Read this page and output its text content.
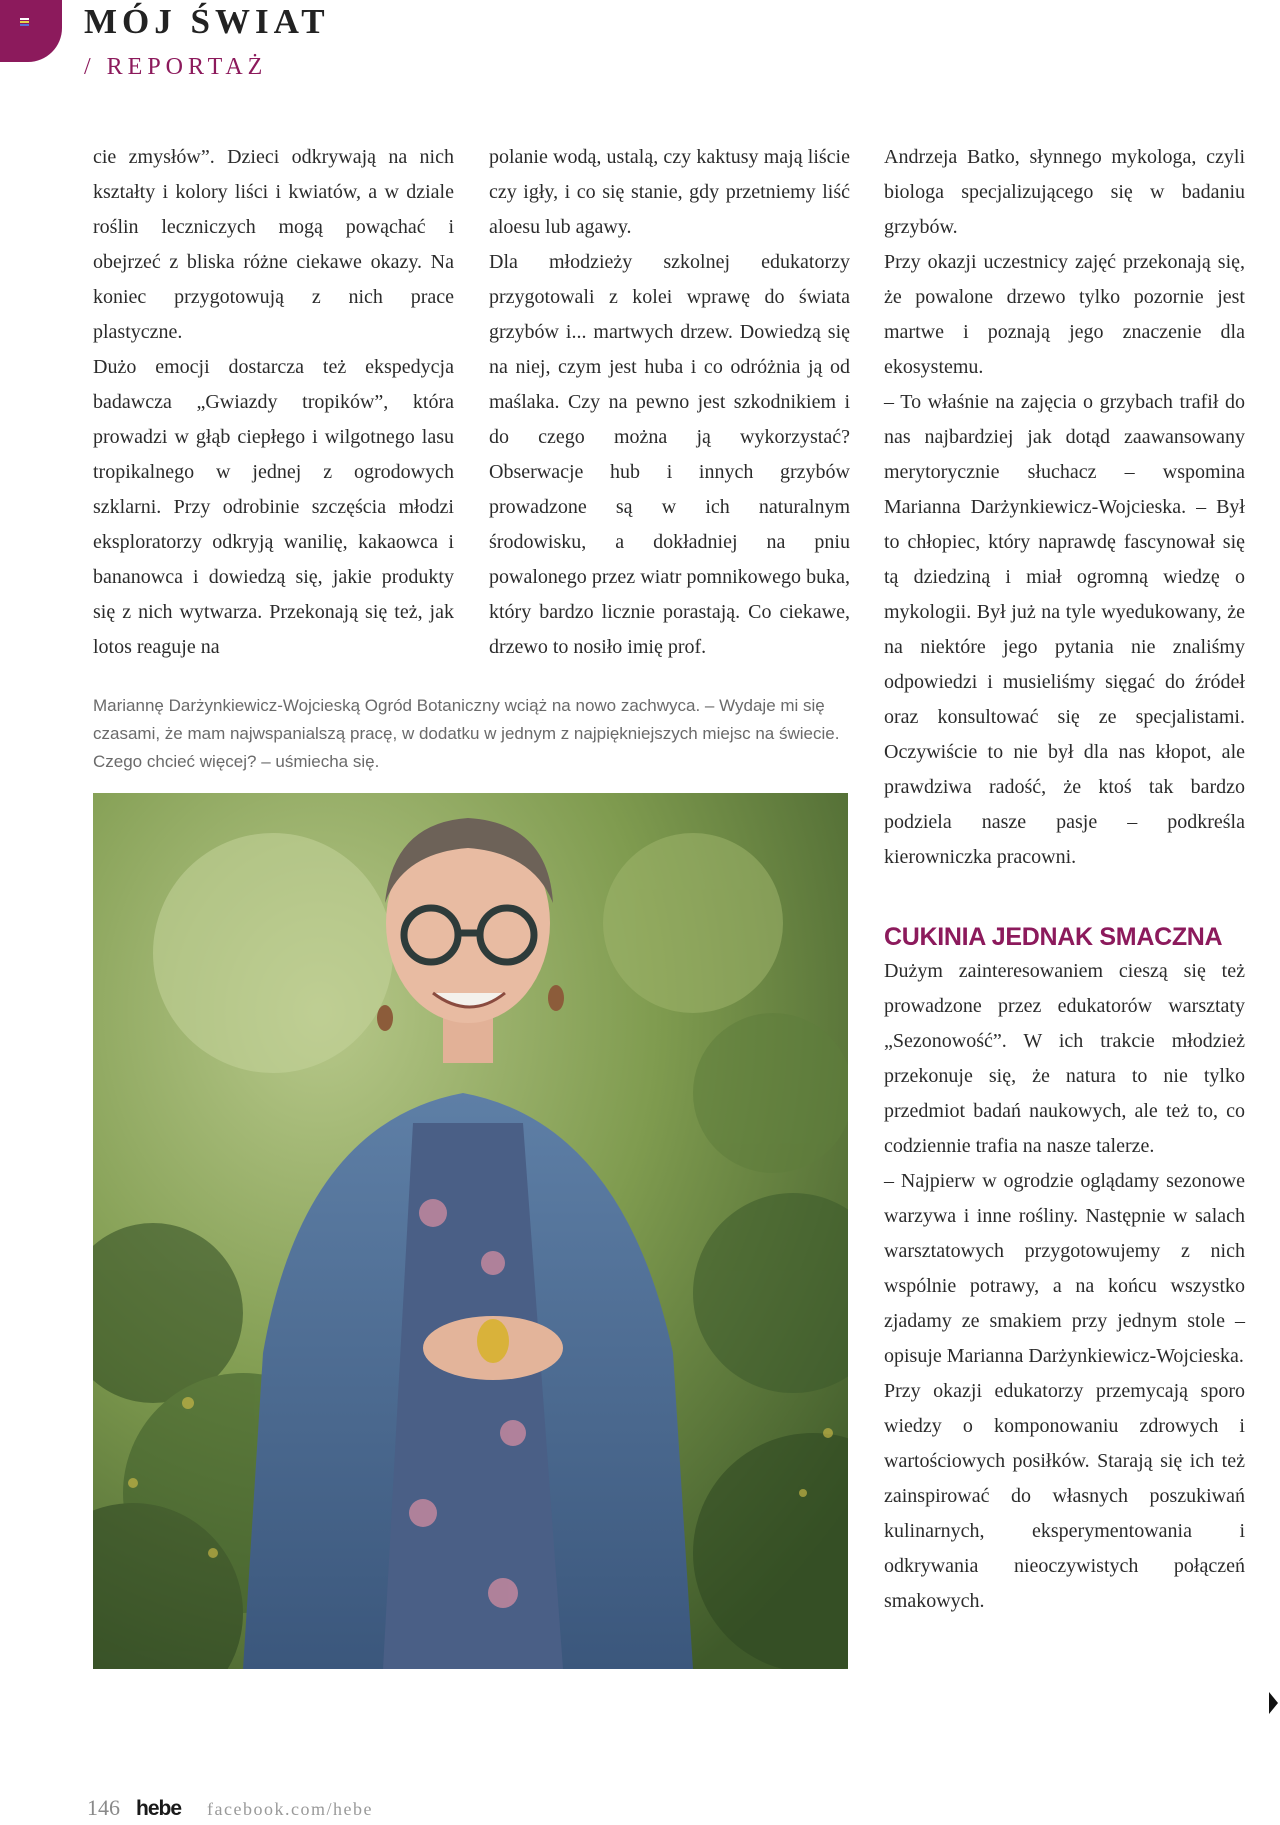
MÓJ ŚWIAT
/ REPORTAŻ

cie zmysłów”. Dzieci odkrywają na nich kształty i kolory liści i kwiatów, a w dziale roślin leczniczych mogą powąchać i obejrzeć z bliska różne ciekawe okazy. Na koniec przygotowują z nich prace plastyczne.

Dużo emocji dostarcza też ekspedycja badawcza „Gwiazdy tropików”, która prowadzi w głąb ciepłego i wilgotnego lasu tropikalnego w jednej z ogrodowych szklarni. Przy odrobinie szczęścia młodzi eksploratorzy odkryją wanilię, kakaowca i bananowca i dowiedzą się, jakie produkty się z nich wytwarza. Przekonają się też, jak lotos reaguje na

polanie wodą, ustalą, czy kaktusy mają liście czy igły, i co się stanie, gdy przetniemy liść aloesu lub agawy.

Dla młodzieży szkolnej edukatorzy przygotowali z kolei wprawę do świata grzybów i... martwych drzew. Dowiedzą się na niej, czym jest huba i co odróżnia ją od maślaka. Czy na pewno jest szkodnikiem i do czego można ją wykorzystać? Obserwacje hub i innych grzybów prowadzone są w ich naturalnym środowisku, a dokładniej na pniu powalonego przez wiatr pomnikowego buka, który bardzo licznie porastają. Co ciekawe, drzewo to nosiło imię prof.

Andrzeja Batko, słynnego mykologa, czyli biologa specjalizującego się w badaniu grzybów.

Przy okazji uczestnicy zajęć przekonają się, że powalone drzewo tylko pozornie jest martwe i poznają jego znaczenie dla ekosystemu.

– To właśnie na zajęcia o grzybach trafił do nas najbardziej jak dotąd zaawansowany merytorycznie słuchacz – wspomina Marianna Darżynkiewicz-Wojcieska. – Był to chłopiec, który naprawdę fascynował się tą dziedziną i miał ogromną wiedzę o mykologii. Był już na tyle wyedukowany, że na niektóre jego pytania nie znaliśmy odpowiedzi i musieliśmy sięgać do źródeł oraz konsultować się ze specjalistami. Oczywiście to nie był dla nas kłopot, ale prawdziwa radość, że ktoś tak bardzo podziela nasze pasje – podkreśla kierowniczka pracowni.

CUKINIA JEDNAK SMACZNA

Dużym zainteresowaniem cieszą się też prowadzone przez edukatorów warsztaty „Sezonowość”. W ich trakcie młodzież przekonuje się, że natura to nie tylko przedmiot badań naukowych, ale też to, co codziennie trafia na nasze talerze.

– Najpierw w ogrodzie oglądamy sezonowe warzywa i inne rośliny. Następnie w salach warsztatowych przygotowujemy z nich wspólnie potrawy, a na końcu wszystko zjadamy ze smakiem przy jednym stole – opisuje Marianna Darżynkiewicz-Wojcieska.

Przy okazji edukatorzy przemycają sporo wiedzy o komponowaniu zdrowych i wartościowych posiłków. Starają się ich też zainspirować do własnych poszukiwań kulinarnych, eksperymentowania i odkrywania nieoczywistych połączeń smakowych.

Mariannę Darżynkiewicz-Wojcieską Ogród Botaniczny wciąż na nowo zachwyca. – Wydaje mi się czasami, że mam najwspanialszą pracę, w dodatku w jednym z najpiękniejszych miejsc na świecie. Czego chcieć więcej? – uśmiecha się.

146 hebe facebook.com/hebe
